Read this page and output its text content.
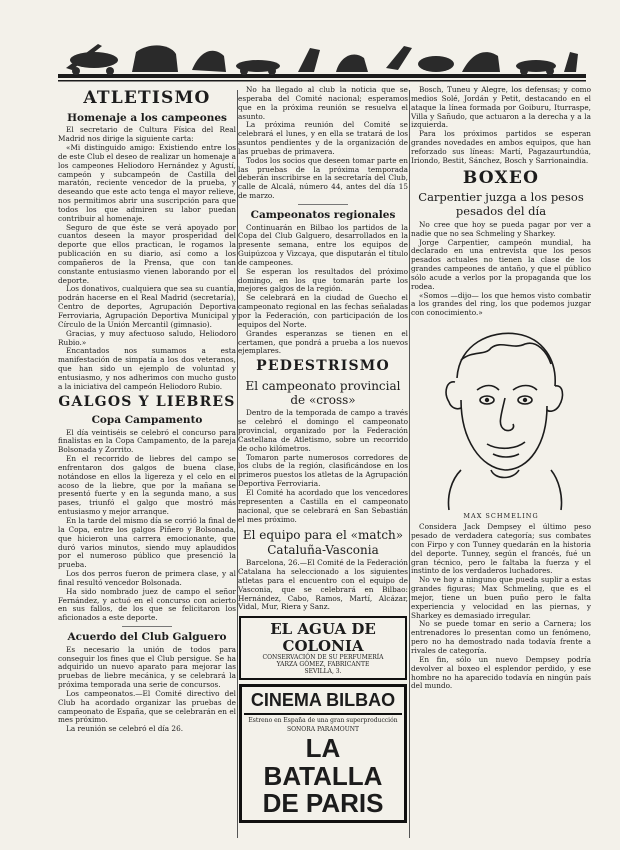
ATLETISMO
Homenaje a los campeones

El secretario de Cultura Física del Real Madrid nos dirige la siguiente carta:

«Mi distinguido amigo: Existiendo entre los de este Club el deseo de realizar un homenaje a los campeones Heliodoro Hernández y Agustí, campeón y subcampeón de Castilla del maratón, reciente vencedor de la prueba, y deseando que este acto tenga el mayor relieve, nos permitimos abrir una suscripción para que todos los que admiren su labor puedan contribuir al homenaje.

Seguro de que éste se verá apoyado por cuantos deseen la mayor prosperidad del deporte que ellos practican, le rogamos la publicación en su diario, así como a los compañeros de la Prensa, que con tan constante entusiasmo vienen laborando por el deporte.

Los donativos, cualquiera que sea su cuantía, podrán hacerse en el Real Madrid (secretaría), Centro de deportes, Agrupación Deportiva Ferroviaria, Agrupación Deportiva Municipal y Círculo de la Unión Mercantil (gimnasio).

Gracias, y muy afectuoso saludo, Heliodoro Rubio.»

Encantados nos sumamos a esta manifestación de simpatía a los dos veteranos, que han sido un ejemplo de voluntad y entusiasmo, y nos adherimos con mucho gusto a la iniciativa del campeón Heliodoro Rubio.

GALGOS Y LIEBRES
Copa Campamento

El día veintiséis se celebró el concurso para finalistas en la Copa Campamento, de la pareja Bolsonada y Zorrito.

En el recorrido de liebres del campo se enfrentaron dos galgos de buena clase, notándose en ellos la ligereza y el celo en el acoso de la liebre, que por la mañana se presentó fuerte y en la segunda mano, a sus pases, triunfó el galgo que mostró más entusiasmo y mejor arranque.

En la tarde del mismo día se corrió la final de la Copa, entre los galgos Piñero y Bolsonada, que hicieron una carrera emocionante, que duró varios minutos, siendo muy aplaudidos por el numeroso público que presenció la prueba.

Los dos perros fueron de primera clase, y al final resultó vencedor Bolsonada.

Ha sido nombrado juez de campo el señor Fernández, y actuó en el concurso con acierto en sus fallos, de los que se felicitaron los aficionados a este deporte.

Acuerdo del Club Galguero

Es necesario la unión de todos para conseguir los fines que el Club persigue. Se ha adquirido un nuevo aparato para mejorar las pruebas de liebre mecánica, y se celebrará la próxima temporada una serie de concursos.

Los campeonatos.—El Comité directivo del Club ha acordado organizar las pruebas de campeonato de España, que se celebrarán en el mes próximo.

La reunión se celebró el día 26.

No ha llegado al club la noticia que se esperaba del Comité nacional; esperamos que en la próxima reunión se resuelva el asunto.

La próxima reunión del Comité se celebrará el lunes, y en ella se tratará de los asuntos pendientes y de la organización de las pruebas de primavera.

Todos los socios que deseen tomar parte en las pruebas de la próxima temporada deberán inscribirse en la secretaría del Club, calle de Alcalá, número 44, antes del día 15 de marzo.

Campeonatos regionales

Continuarán en Bilbao los partidos de la Copa del Club Galguero, desarrollados en la presente semana, entre los equipos de Guipúzcoa y Vizcaya, que disputarán el título de campeones.

Se esperan los resultados del próximo domingo, en los que tomarán parte los mejores galgos de la región.

Se celebrará en la ciudad de Guecho el campeonato regional en las fechas señaladas por la Federación, con participación de los equipos del Norte.

Grandes esperanzas se tienen en el certamen, que pondrá a prueba a los nuevos ejemplares.

PEDESTRISMO
El campeonato provincial de «cross»

Dentro de la temporada de campo a través se celebró el domingo el campeonato provincial, organizado por la Federación Castellana de Atletismo, sobre un recorrido de ocho kilómetros.

Tomaron parte numerosos corredores de los clubs de la región, clasificándose en los primeros puestos los atletas de la Agrupación Deportiva Ferroviaria.

El Comité ha acordado que los vencedores representen a Castilla en el campeonato nacional, que se celebrará en San Sebastián el mes próximo.

El equipo para el «match» Cataluña-Vasconia

Barcelona, 26.—El Comité de la Federación Catalana ha seleccionado a los siguientes atletas para el encuentro con el equipo de Vasconia, que se celebrará en Bilbao: Hernández, Cabo, Ramos, Martí, Alcázar, Vidal, Mur, Riera y Sanz.

EL AGUA DE COLONIA
CONSERVACIÓN DE SU PERFUMERÍA
YARZA GÓMEZ, FABRICANTE
SEVILLA, 3.
CINEMA BILBAO
Estreno en España de una gran superproducción
SONORA PARAMOUNT
LA BATALLA
DE PARIS

Bosch, Tuneu y Alegre, los defensas; y como medios Solé, Jordán y Petit, destacando en el ataque la línea formada por Goiburu, Iturraspe, Villa y Sañudo, que actuaron a la derecha y a la izquierda.

Para los próximos partidos se esperan grandes novedades en ambos equipos, que han reforzado sus líneas: Martí, Pagazaurtundúa, Iriondo, Bestit, Sánchez, Bosch y Sarrionaindia.

BOXEO
Carpentier juzga a los pesos pesados del día

No cree que hoy se pueda pagar por ver a nadie que no sea Schmeling y Sharkey.

Jorge Carpentier, campeón mundial, ha declarado en una entrevista que los pesos pesados actuales no tienen la clase de los grandes campeones de antaño, y que el público sólo acude a verlos por la propaganda que los rodea.

«Somos —dijo— los que hemos visto combatir a los grandes del ring, los que podemos juzgar con conocimiento.»

MAX SCHMELING

Considera Jack Dempsey el último peso pesado de verdadera categoría; sus combates con Firpo y con Tunney quedarán en la historia del deporte. Tunney, según el francés, fué un gran técnico, pero le faltaba la fuerza y el instinto de los verdaderos luchadores.

No ve hoy a ninguno que pueda suplir a estas grandes figuras; Max Schmeling, que es el mejor, tiene un buen puño pero le falta experiencia y velocidad en las piernas, y Sharkey es demasiado irregular.

No se puede tomar en serio a Carnera; los entrenadores lo presentan como un fenómeno, pero no ha demostrado nada todavía frente a rivales de categoría.

En fin, sólo un nuevo Dempsey podría devolver al boxeo el esplendor perdido, y ese hombre no ha aparecido todavía en ningún país del mundo.
